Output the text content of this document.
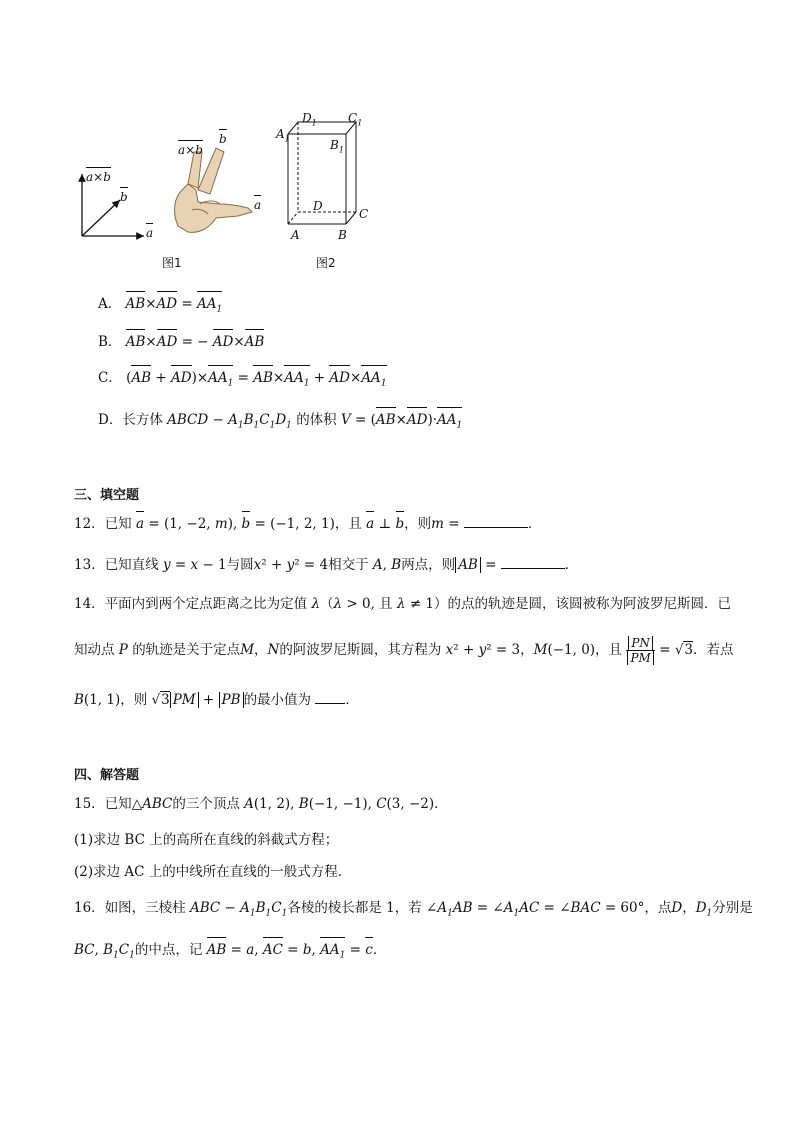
a×b
b
a
a×b
b
a
图1
$D_1$	$C_1$
$A_1$	$B_1$
D
C
A	B
图2
A． $AB\times AD = AA_1$
B． AB×AD = − AD×AB
C． $(AB + AD)\times AA_1 = AB\times AA_1 + AD\times AA_1$
D．长方体 ABCD − $A_1B_1C_1D_1$ 的体积 $V = (AB\times AD)\cdot AA_1$
三、填空题
12．已知 a = (1, −2, m), b = (−1, 2, 1)，且 a ⊥ b，则m =	．
13．已知直线 y = x − 1与圆x² + y² = 4相交于 A, B两点，则 AB =	．
14．平面内到两个定点距离之比为定值 λ（λ > 0, 且 λ ≠ 1）的点的轨迹是圆，该圆被称为阿波罗尼斯圆．已
知动点 P 的轨迹是关于定点M，N的阿波罗尼斯圆，其方程为 x² + y² = 3，M(−1, 0)，且 $\frac{PN}{PM} = √3$．若点
B(1, 1)，则 √3 PM + PB 的最小值为	．
四、解答题
15．已知△ABC的三个顶点 A(1, 2), B(−1, −1), C(3, −2)．
(1)求边 BC 上的高所在直线的斜截式方程；
(2)求边 AC 上的中线所在直线的一般式方程．
16．如图，三棱柱 ABC − $A_1B_1C_1$各棱的棱长都是 1，若 $\angle A_1AB$ = $\angle A_1AC$ = ∠BAC = 60°，点D，$D_1$分别是
BC, $B_1C_1$的中点，记 AB = a, AC = b, $AA_1 = c$．
